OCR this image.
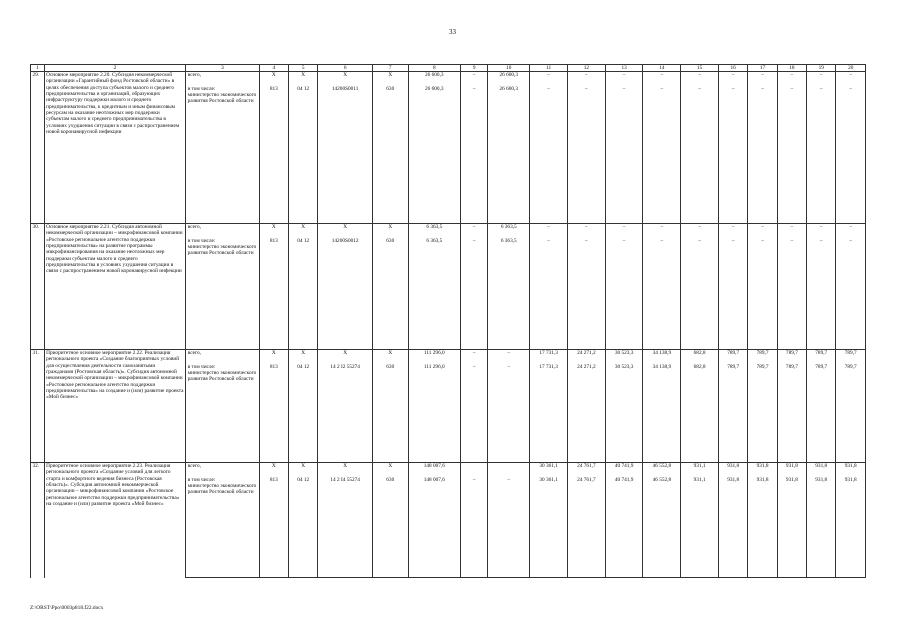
33
1	2	3	4	5	6	7	8	9	10	11	12	13	14	15	16	17	18	19	20
29.	Основное мероприятие 2.20. Субсидия некоммерческой организации «Гарантийный фонд Ростовской области» в целях обеспечения доступа субъектов малого и среднего предпринимательства и организаций, образующих инфраструктуру поддержки малого и среднего предпринимательства, к кредитным и иным финансовым ресурсам на оказание неотложных мер поддержки субъектам малого и среднего предпринимательства в условиях ухудшения ситуации в связи с распространением новой коронавирусной инфекции	всего,	X	X	X	X	26 600,3	–	26 600,3	–	–	–	–	–	–	–	–	–	–
		в том числе:
министерство экономического развития Ростовской области	813	04 12	14200S0011	630	26 600,3	–	26 600,3	–	–	–	–	–	–	–	–	–	–
30.	Основное мероприятие 2.21. Субсидия автономной некоммерческой организации – микрофинансовой компании «Ростовское региональное агентство поддержки предпринимательства» на развитие программы микрофинансирования на оказание неотложных мер поддержки субъектам малого и среднего предпринимательства в условиях ухудшения ситуации в связи с распространением новой коронавирусной инфекции	всего,	X	X	X	X	6 363,5	–	6 363,5	–	–	–	–	–	–	–	–	–	–
		в том числе:
министерство экономического развития Ростовской области	813	04 12	14200S0012	630	6 363,5	–	6 363,5	–	–	–	–	–	–	–	–	–	–
31.	Приоритетное основное мероприятие 2.22. Реализация регионального проекта «Создание благоприятных условий для осуществления деятельности самозанятыми гражданами (Ростовская область)». Субсидия автономной некоммерческой организации – микрофинансовой компании «Ростовское региональное агентство поддержки предпринимательства» на создание и (или) развитие проекта «Мой бизнес»	всего,	X	X	X	X	111 296,0	–	–	17 731,3	24 271,2	30 523,3	34 138,9	682,8	789,7	789,7	789,7	789,7	789,7
		в том числе:
министерство экономического развития Ростовской области	813	04 12	14 2 I2 55274	630	111 296,0	–	–	17 731,3	24 271,2	30 523,3	34 138,9	682,8	789,7	789,7	789,7	789,7	789,7
32.	Приоритетное основное мероприятие 2.23. Реализация регионального проекта «Создание условий для легкого старта и комфортного ведения бизнеса (Ростовская область)». Субсидия автономной некоммерческой организации – микрофинансовой компании «Ростовское региональное агентство поддержки предпринимательства» на создание и (или) развитие проекта «Мой бизнес»	всего,	X	X	X	X	148 007,6			30 361,1	24 761,7	40 741,9	46 552,8	931,1	931,8	931,8	931,8	931,8	931,8
		в том числе:
министерство экономического развития Ростовской области	813	04 12	14 2 I4 55274	630	148 007,6	–	–	30 361,1	24 761,7	40 741,9	46 552,8	931,1	931,8	931,8	931,8	931,8	931,8
Z:\ORST\Ppo\0003p818.f22.docx
